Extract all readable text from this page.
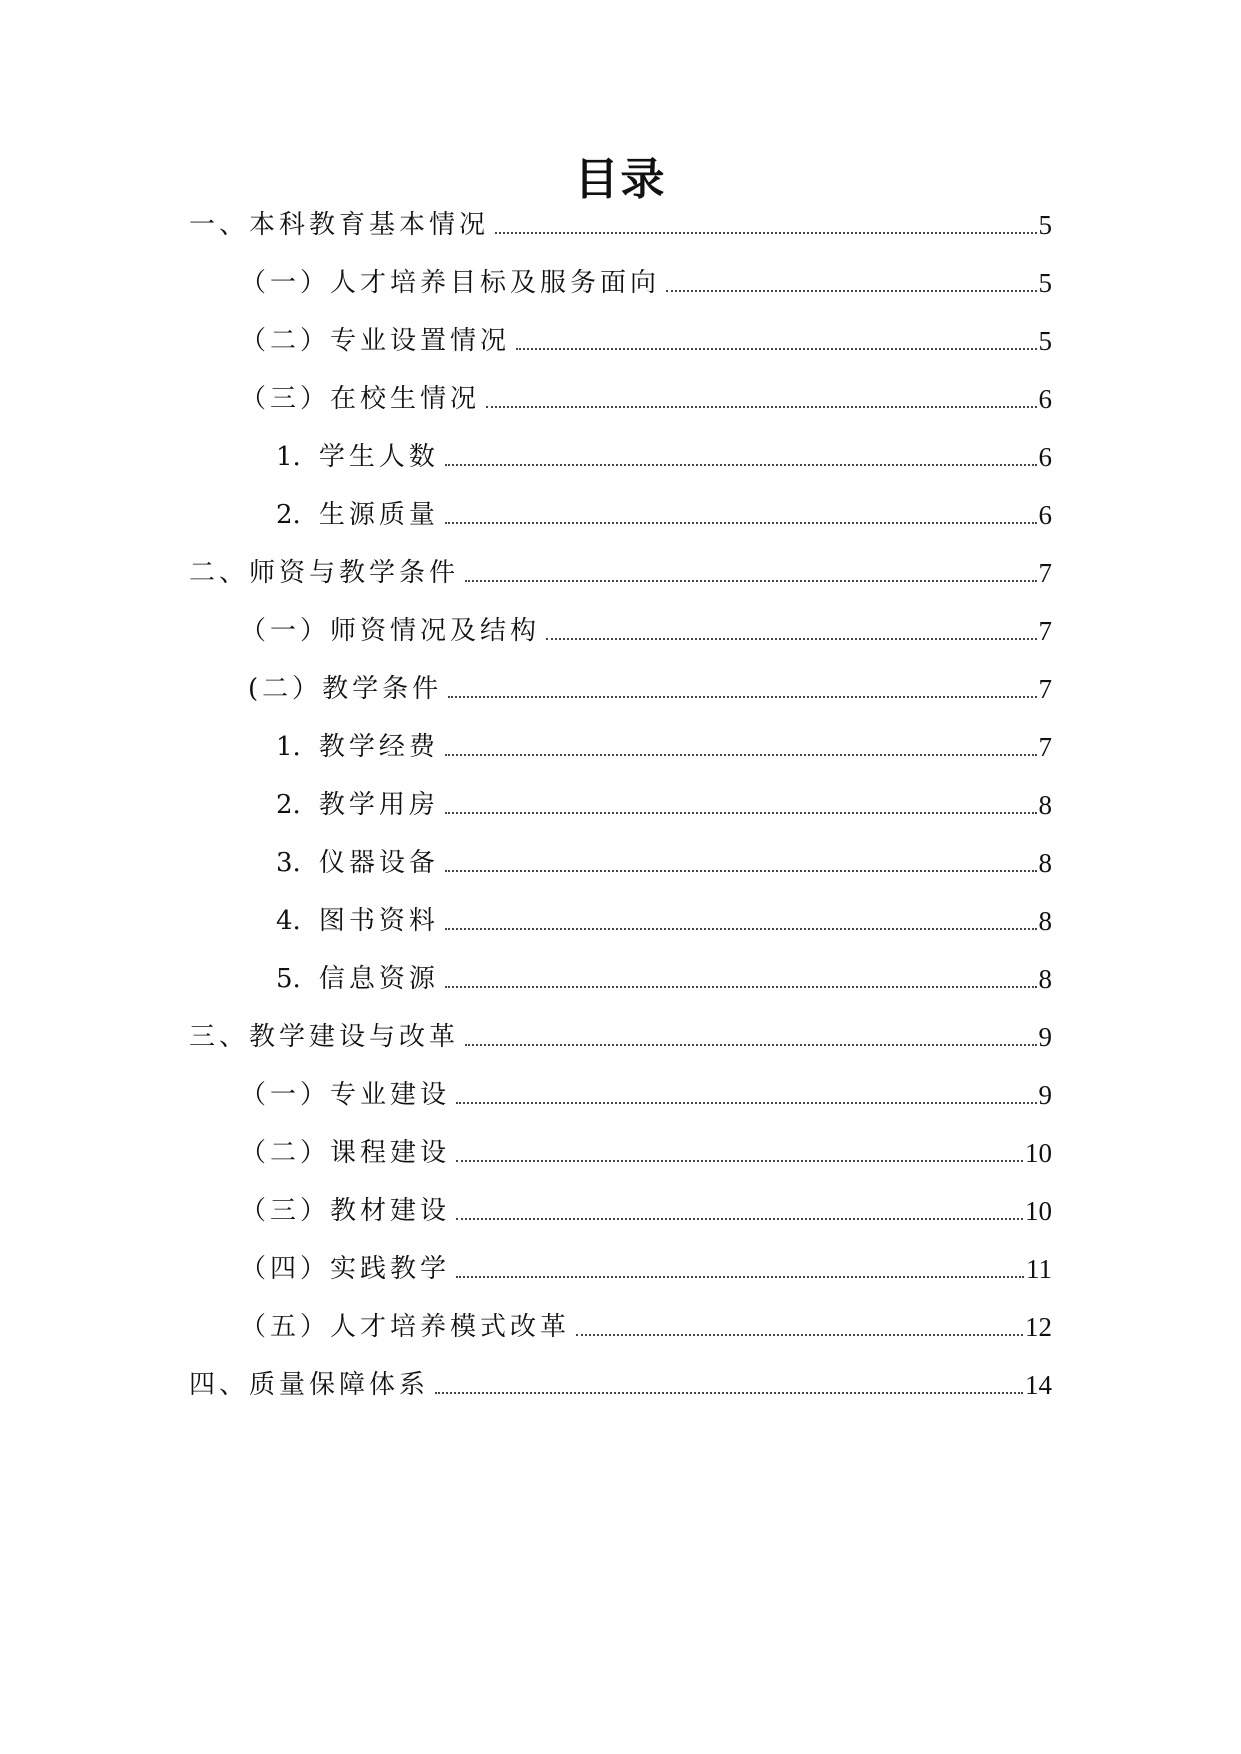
目录
一、本科教育基本情况	5
（一）人才培养目标及服务面向	5
（二）专业设置情况	5
（三）在校生情况	6
1. 学生人数	6
2. 生源质量	6
二、师资与教学条件	7
（一）师资情况及结构	7
(二）教学条件	7
1. 教学经费	7
2. 教学用房	8
3. 仪器设备	8
4. 图书资料	8
5. 信息资源	8
三、教学建设与改革	9
（一）专业建设	9
（二）课程建设	10
（三）教材建设	10
（四）实践教学	11
（五）人才培养模式改革	12
四、质量保障体系	14
